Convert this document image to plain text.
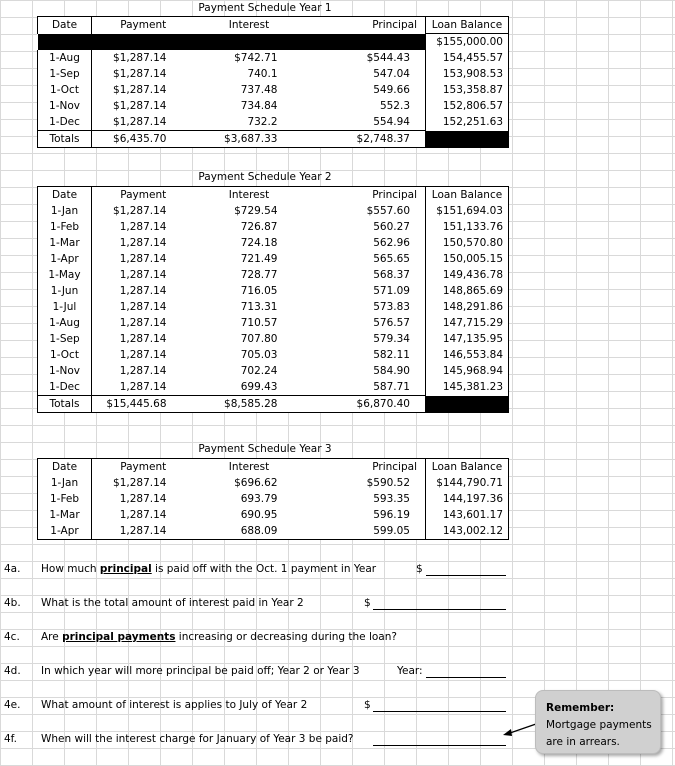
Payment Schedule Year 1
Date	Payment	Interest	Principal	Loan Balance
				$155,000.00
1-Aug	$1,287.14	$742.71	$544.43	154,455.57
1-Sep	$1,287.14	740.1	547.04	153,908.53
1-Oct	$1,287.14	737.48	549.66	153,358.87
1-Nov	$1,287.14	734.84	552.3	152,806.57
1-Dec	$1,287.14	732.2	554.94	152,251.63
Totals	$6,435.70	$3,687.33	$2,748.37	
Payment Schedule Year 2
Date	Payment	Interest	Principal	Loan Balance
1-Jan	$1,287.14	$729.54	$557.60	$151,694.03
1-Feb	1,287.14	726.87	560.27	151,133.76
1-Mar	1,287.14	724.18	562.96	150,570.80
1-Apr	1,287.14	721.49	565.65	150,005.15
1-May	1,287.14	728.77	568.37	149,436.78
1-Jun	1,287.14	716.05	571.09	148,865.69
1-Jul	1,287.14	713.31	573.83	148,291.86
1-Aug	1,287.14	710.57	576.57	147,715.29
1-Sep	1,287.14	707.80	579.34	147,135.95
1-Oct	1,287.14	705.03	582.11	146,553.84
1-Nov	1,287.14	702.24	584.90	145,968.94
1-Dec	1,287.14	699.43	587.71	145,381.23
Totals	$15,445.68	$8,585.28	$6,870.40	
Payment Schedule Year 3
Date	Payment	Interest	Principal	Loan Balance
1-Jan	$1,287.14	$696.62	$590.52	$144,790.71
1-Feb	1,287.14	693.79	593.35	144,197.36
1-Mar	1,287.14	690.95	596.19	143,601.17
1-Apr	1,287.14	688.09	599.05	143,002.12
4a. How much principal is paid off with the Oct. 1 payment in Year	$
4b. What is the total amount of interest paid in Year 2	$
4c. Are principal payments increasing or decreasing during the loan?
4d. In which year will more principal be paid off; Year 2 or Year 3	Year:
4e. What amount of interest is applies to July of Year 2	$
4f. When will the interest charge for January of Year 3 be paid?
Remember:
Mortgage payments
are in arrears.
